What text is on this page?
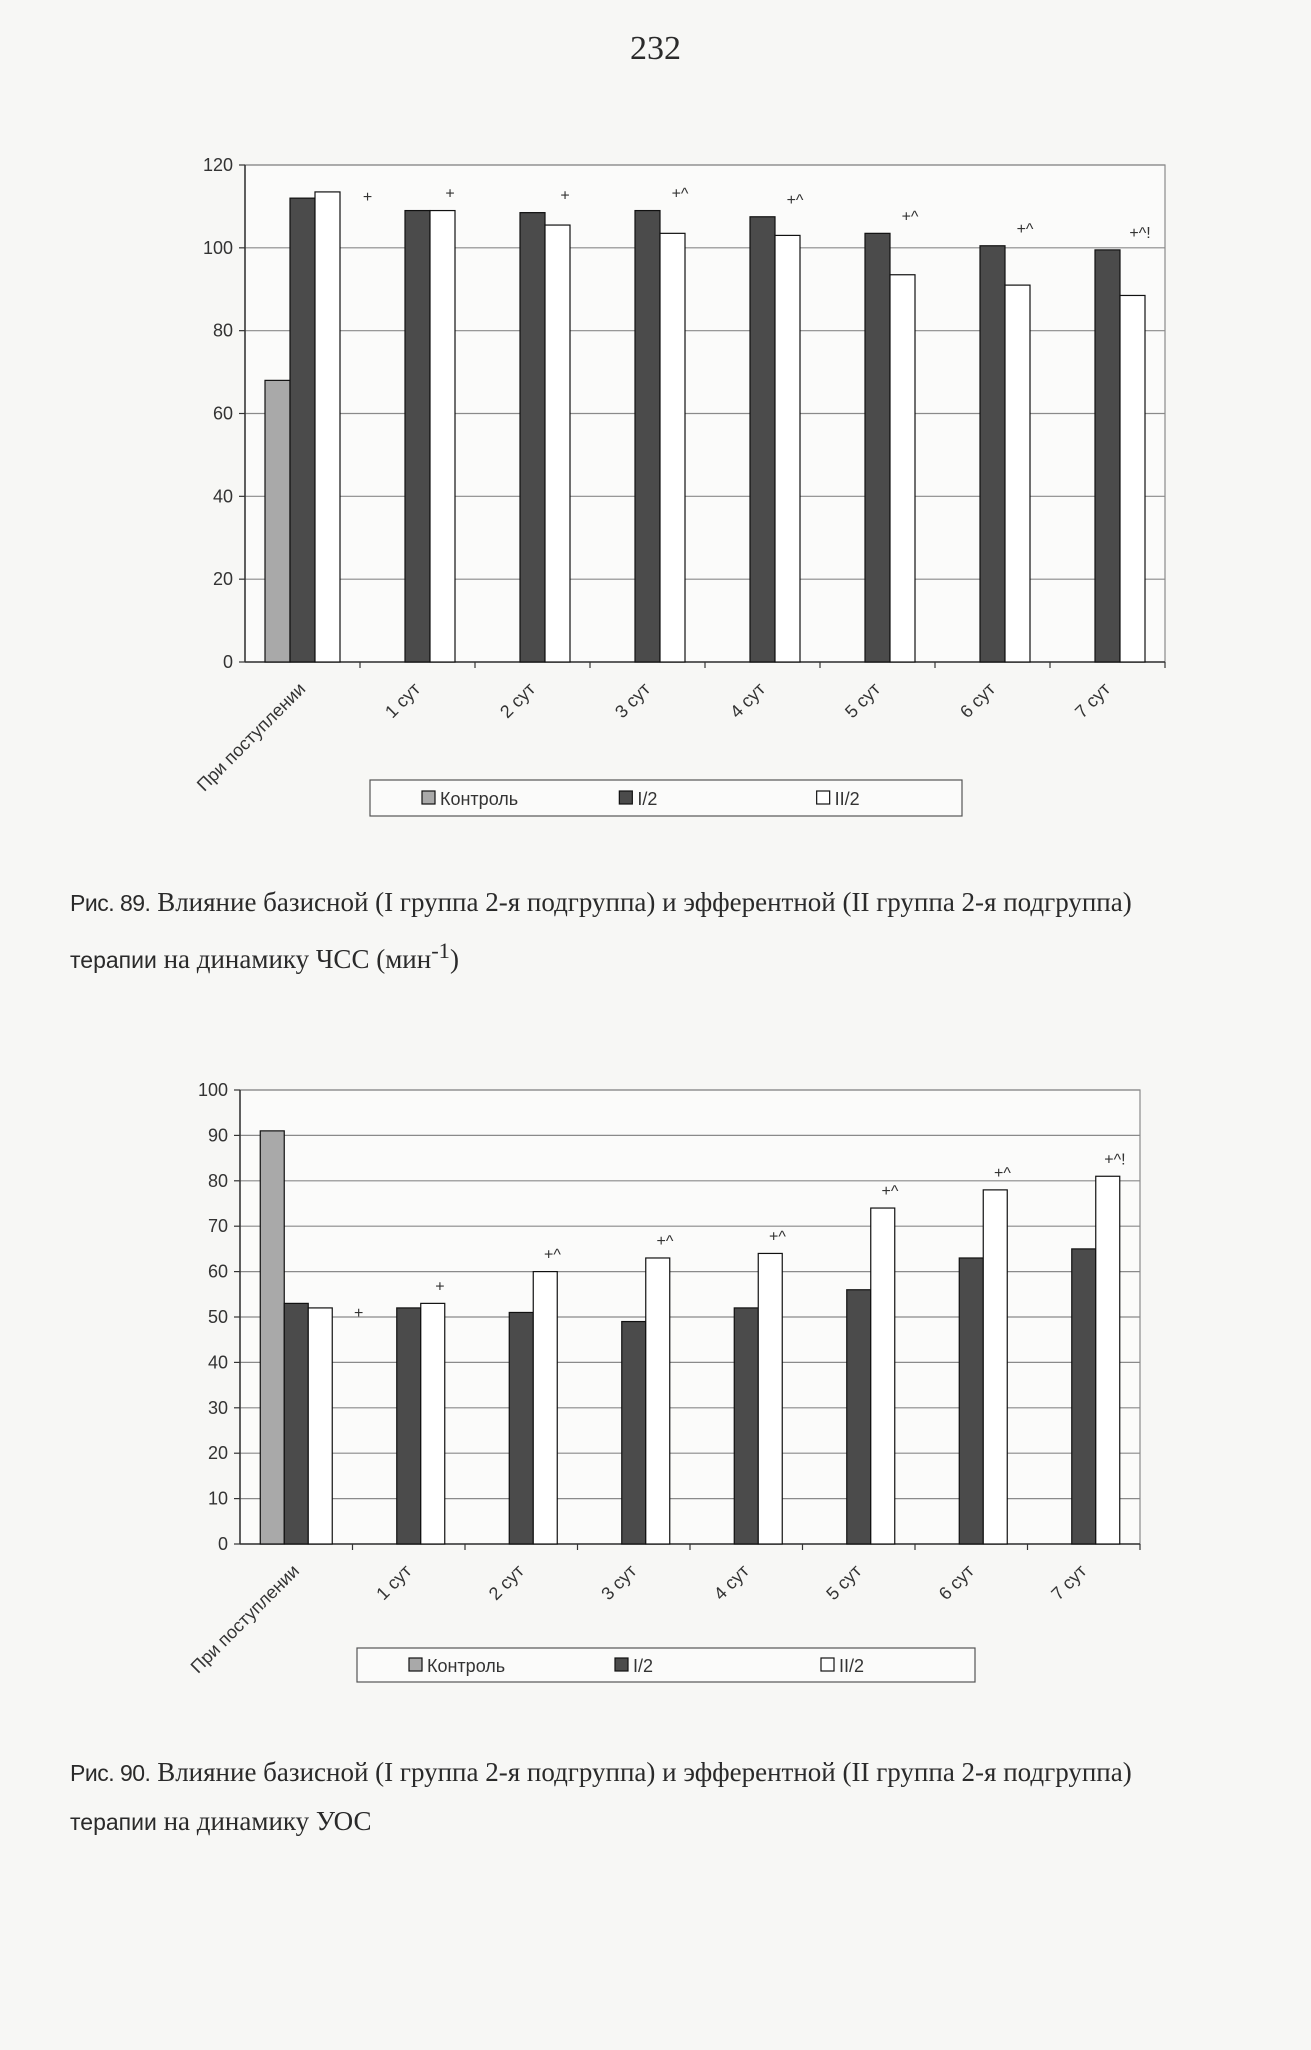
232
0
20
40
60
80
100
120
+
При поступлении
+
1 сут
+
2 сут
+^
3 сут
+^
4 сут
+^
5 сут
+^
6 сут
+^!
7 сут
Контроль	I/2	II/2
Рис. 89. Влияние базисной (I группа 2-я подгруппа) и эфферентной (II группа 2-я подгруппа)
терапии на динамику ЧСС (мин$^{-1}$)
0
10
20
30
40
50
60
70
80
90
100
+
При поступлении
+
1 сут
+^
2 сут
+^
3 сут
+^
4 сут
+^
5 сут
+^
6 сут
+^!
7 сут
Контроль	I/2	II/2
Рис. 90. Влияние базисной (I группа 2-я подгруппа) и эфферентной (II группа 2-я подгруппа)
терапии на динамику УОС
